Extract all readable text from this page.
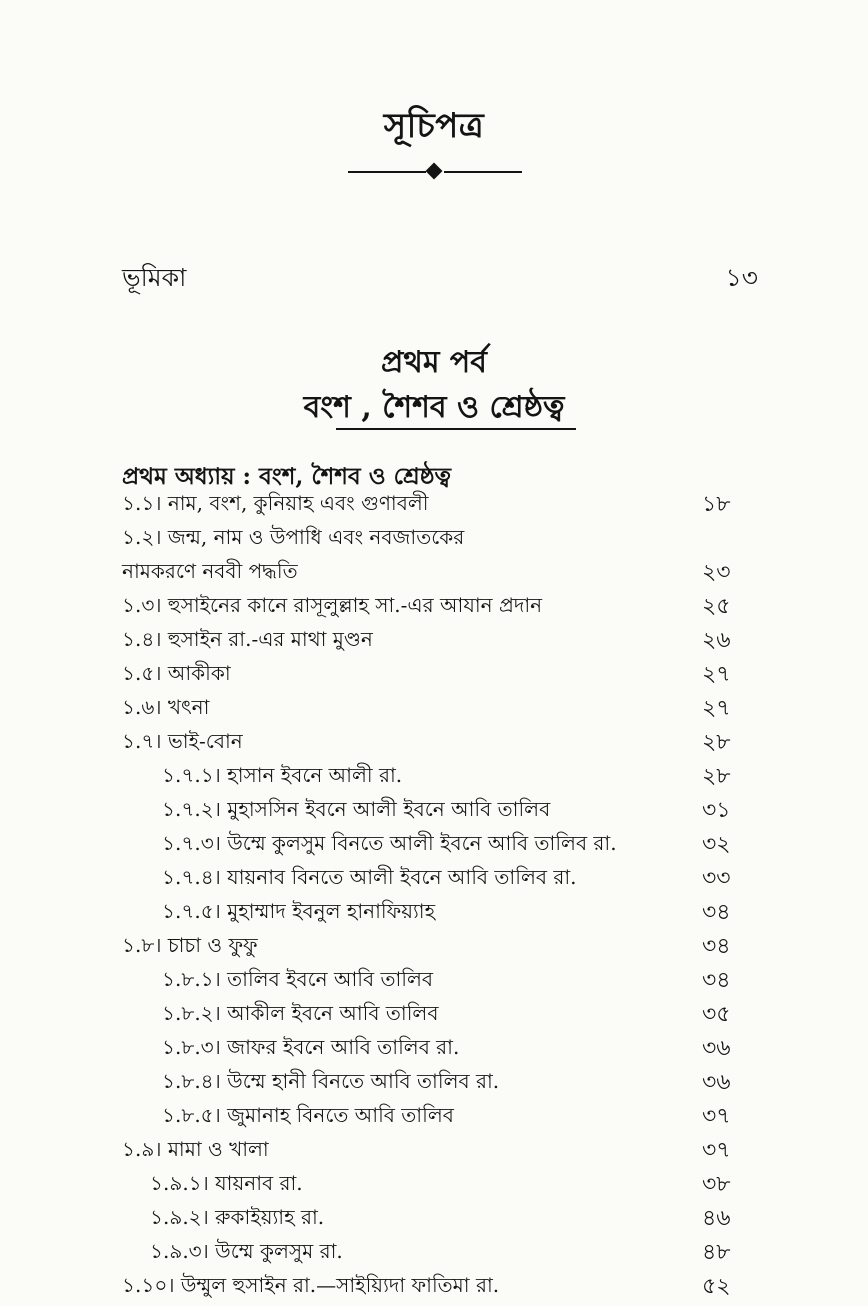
সূচিপত্র
ভূমিকা	১৩
প্রথম পর্ব
বংশ , শৈশব ও শ্রেষ্ঠত্ব
প্রথম অধ্যায় : বংশ, শৈশব ও শ্রেষ্ঠত্ব
১.১। নাম, বংশ, কুনিয়াহ এবং গুণাবলী	১৮
১.২। জন্ম, নাম ও উপাধি এবং নবজাতকের
নামকরণে নববী পদ্ধতি	২৩
১.৩। হুসাইনের কানে রাসূলুল্লাহ সা.-এর আযান প্রদান	২৫
১.৪। হুসাইন রা.-এর মাথা মুণ্ডন	২৬
১.৫। আকীকা	২৭
১.৬। খৎনা	২৭
১.৭। ভাই-বোন	২৮
১.৭.১। হাসান ইবনে আলী রা.	২৮
১.৭.২। মুহাসসিন ইবনে আলী ইবনে আবি তালিব	৩১
১.৭.৩। উম্মে কুলসুম বিনতে আলী ইবনে আবি তালিব রা.	৩২
১.৭.৪। যায়নাব বিনতে আলী ইবনে আবি তালিব রা.	৩৩
১.৭.৫। মুহাম্মাদ ইবনুল হানাফিয়্যাহ	৩৪
১.৮। চাচা ও ফুফু	৩৪
১.৮.১। তালিব ইবনে আবি তালিব	৩৪
১.৮.২। আকীল ইবনে আবি তালিব	৩৫
১.৮.৩। জাফর ইবনে আবি তালিব রা.	৩৬
১.৮.৪। উম্মে হানী বিনতে আবি তালিব রা.	৩৬
১.৮.৫। জুমানাহ বিনতে আবি তালিব	৩৭
১.৯। মামা ও খালা	৩৭
১.৯.১। যায়নাব রা.	৩৮
১.৯.২। রুকাইয়্যাহ রা.	৪৬
১.৯.৩। উম্মে কুলসুম রা.	৪৮
১.১০। উম্মুল হুসাইন রা.—সাইয়্যিদা ফাতিমা রা.	৫২
